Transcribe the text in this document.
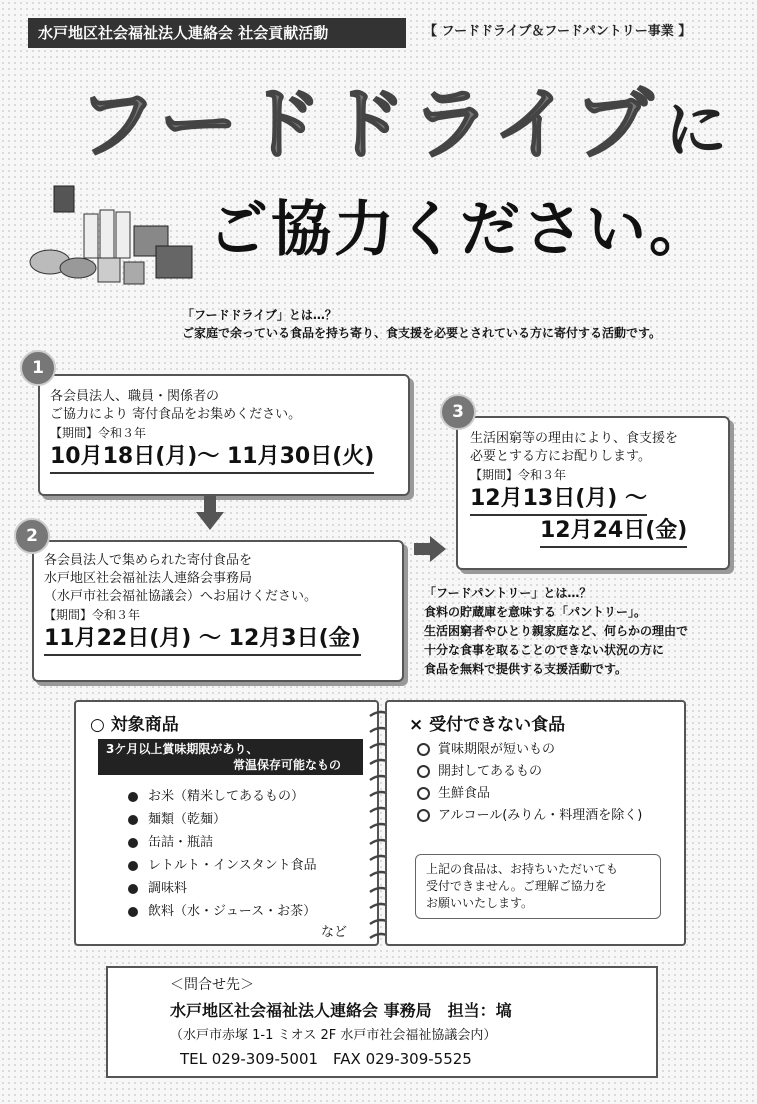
水戸地区社会福祉法人連絡会 社会貢献活動	【 フードドライブ＆フードパントリー事業 】
フードドライブに
ご協力ください。
「フードドライブ」とは…？
ご家庭で余っている食品を持ち寄り、食支援を必要とされている方に寄付する活動です。

各会員法人、職員・関係者の

ご協力により 寄付食品をお集めください。

【期間】令和３年

10月18日(月)～ 11月30日(火)
1

各会員法人で集められた寄付食品を

水戸地区社会福祉法人連絡会事務局

（水戸市社会福祉協議会）へお届けください。

【期間】令和３年

11月22日(月) ～ 12月3日(金)
2

生活困窮等の理由により、食支援を

必要とする方にお配りします。

【期間】令和３年

12月13日(月) ～
12月24日(金)
3
「フードパントリー」とは…？
食料の貯蔵庫を意味する「パントリー」。
生活困窮者やひとり親家庭など、何らかの理由で
十分な食事を取ることのできない状況の方に
食品を無料で提供する支援活動です。
○ 対象商品
3ケ月以上賞味期限があり、
常温保存可能なもの
お米（精米してあるもの）
麺類（乾麺）
缶詰・瓶詰
レトルト・インスタント食品
調味料
飲料（水・ジュース・お茶）
など
× 受付できない食品
賞味期限が短いもの
開封してあるもの
生鮮食品
アルコール(みりん・料理酒を除く)
上記の食品は、お持ちいただいても
受付できません。ご理解ご協力を
お願いいたします。
＜問合せ先＞
水戸地区社会福祉法人連絡会 事務局　担当：塙
（水戸市赤塚 1-1 ミオス 2F 水戸市社会福祉協議会内）
TEL 029-309-5001　FAX 029-309-5525
